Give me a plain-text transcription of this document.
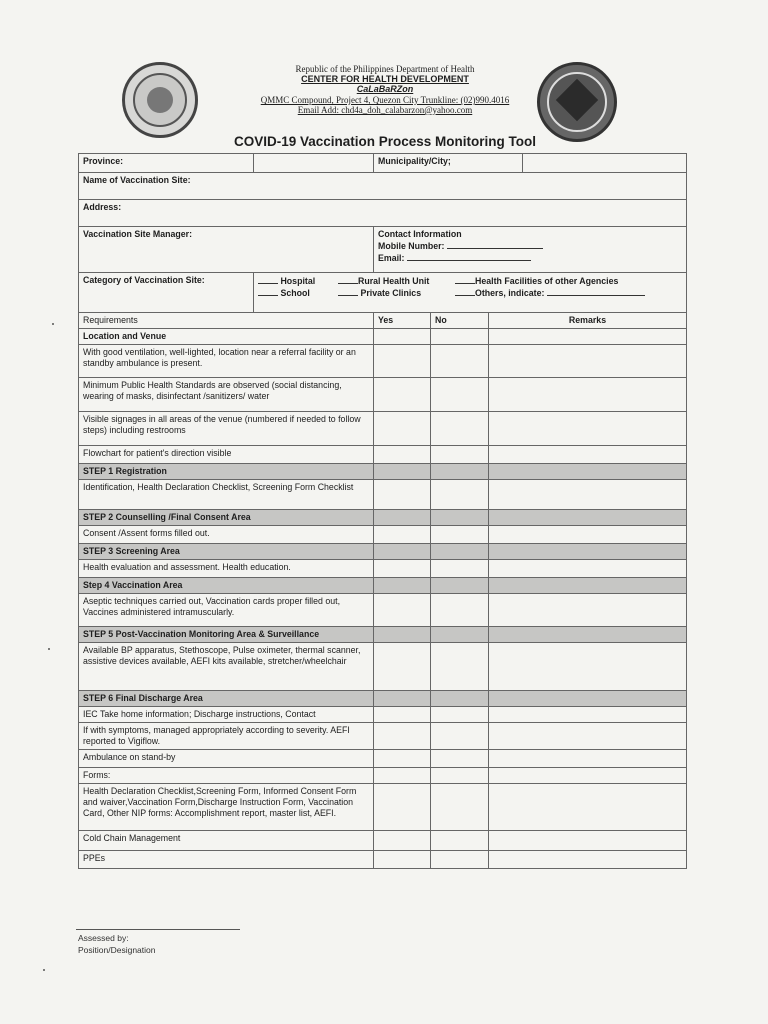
Republic of the Philippines Department of Health
CENTER FOR HEALTH DEVELOPMENT
CaLaBaRZon
QMMC Compound, Project 4, Quezon City Trunkline: (02)990.4016
Email Add: chd4a_doh_calabarzon@yahoo.com
COVID-19 Vaccination Process Monitoring Tool
Province:		Municipality/City;			
Name of Vaccination Site:					
Address:					
Vaccination Site Manager:		Contact Information
Mobile Number:
Email:			

Category of Vaccination Site:	Hospital Rural Health Unit Health Facilities of other Agencies
School Private Clinics Others, indicate:				

Requirements		Yes	No	Remarks	
Location and Venue					
With good ventilation, well-lighted, location near a referral facility or an standby ambulance is present.					
Minimum Public Health Standards are observed (social distancing, wearing of masks, disinfectant /sanitizers/ water					
Visible signages in all areas of the venue (numbered if needed to follow steps) including restrooms					
Flowchart for patient's direction visible					
STEP 1 Registration					
Identification, Health Declaration Checklist, Screening Form Checklist					
STEP 2 Counselling /Final Consent Area					
Consent /Assent forms filled out.					
STEP 3 Screening Area					
Health evaluation and assessment. Health education.					
Step 4 Vaccination Area					
Aseptic techniques carried out, Vaccination cards proper filled out, Vaccines administered intramuscularly.					
STEP 5 Post-Vaccination Monitoring Area & Surveillance					
Available BP apparatus, Stethoscope, Pulse oximeter, thermal scanner, assistive devices available, AEFI kits available, stretcher/wheelchair					
STEP 6 Final Discharge Area					
IEC Take home information; Discharge instructions, Contact					
If with symptoms, managed appropriately according to severity. AEFI reported to Vigiflow.					
Ambulance on stand-by					
Forms:					
Health Declaration Checklist,Screening Form, Informed Consent Form and waiver,Vaccination Form,Discharge Instruction Form, Vaccination Card, Other NIP forms: Accomplishment report, master list, AEFI.					
Cold Chain Management					
PPEs					
Assessed by:
Position/Designation
